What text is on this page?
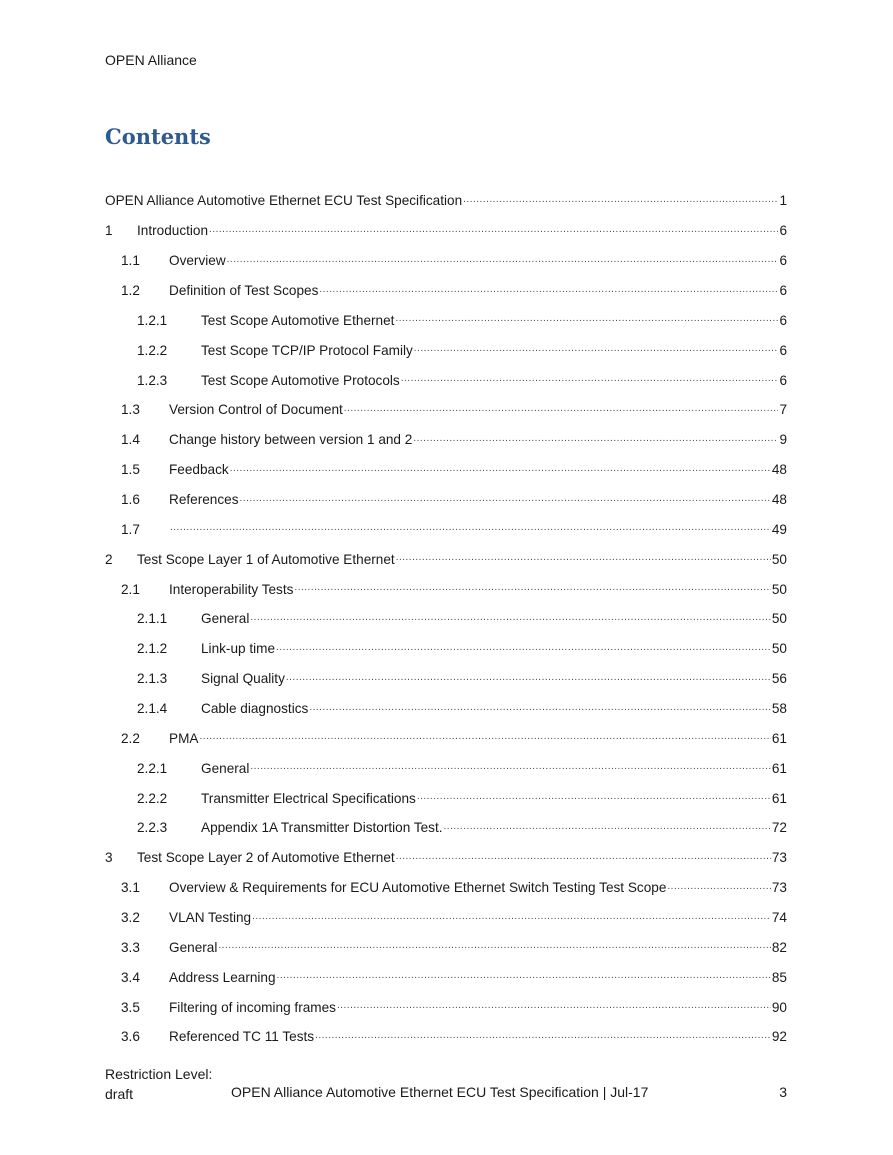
OPEN Alliance
Contents
OPEN Alliance Automotive Ethernet ECU Test Specification .....	1
1	Introduction .....	6
1.1	Overview .....	6
1.2	Definition of Test Scopes .....	6
1.2.1	Test Scope Automotive Ethernet .....	6
1.2.2	Test Scope TCP/IP Protocol Family .....	6
1.2.3	Test Scope Automotive Protocols .....	6
1.3	Version Control of Document .....	7
1.4	Change history between version 1 and 2 .....	9
1.5	Feedback .....	48
1.6	References .....	48
1.7 .....	49
2	Test Scope Layer 1 of Automotive Ethernet .....	50
2.1	Interoperability Tests .....	50
2.1.1	General .....	50
2.1.2	Link-up time .....	50
2.1.3	Signal Quality .....	56
2.1.4	Cable diagnostics .....	58
2.2	PMA .....	61
2.2.1	General .....	61
2.2.2	Transmitter Electrical Specifications .....	61
2.2.3	Appendix 1A Transmitter Distortion Test. .....	72
3	Test Scope Layer 2 of Automotive Ethernet .....	73
3.1	Overview & Requirements for ECU Automotive Ethernet Switch Testing Test Scope .....	73
3.2	VLAN Testing .....	74
3.3	General .....	82
3.4	Address Learning .....	85
3.5	Filtering of incoming frames .....	90
3.6	Referenced TC 11 Tests .....	92
Restriction Level:
draft	OPEN Alliance Automotive Ethernet ECU Test Specification | Jul-17	3
